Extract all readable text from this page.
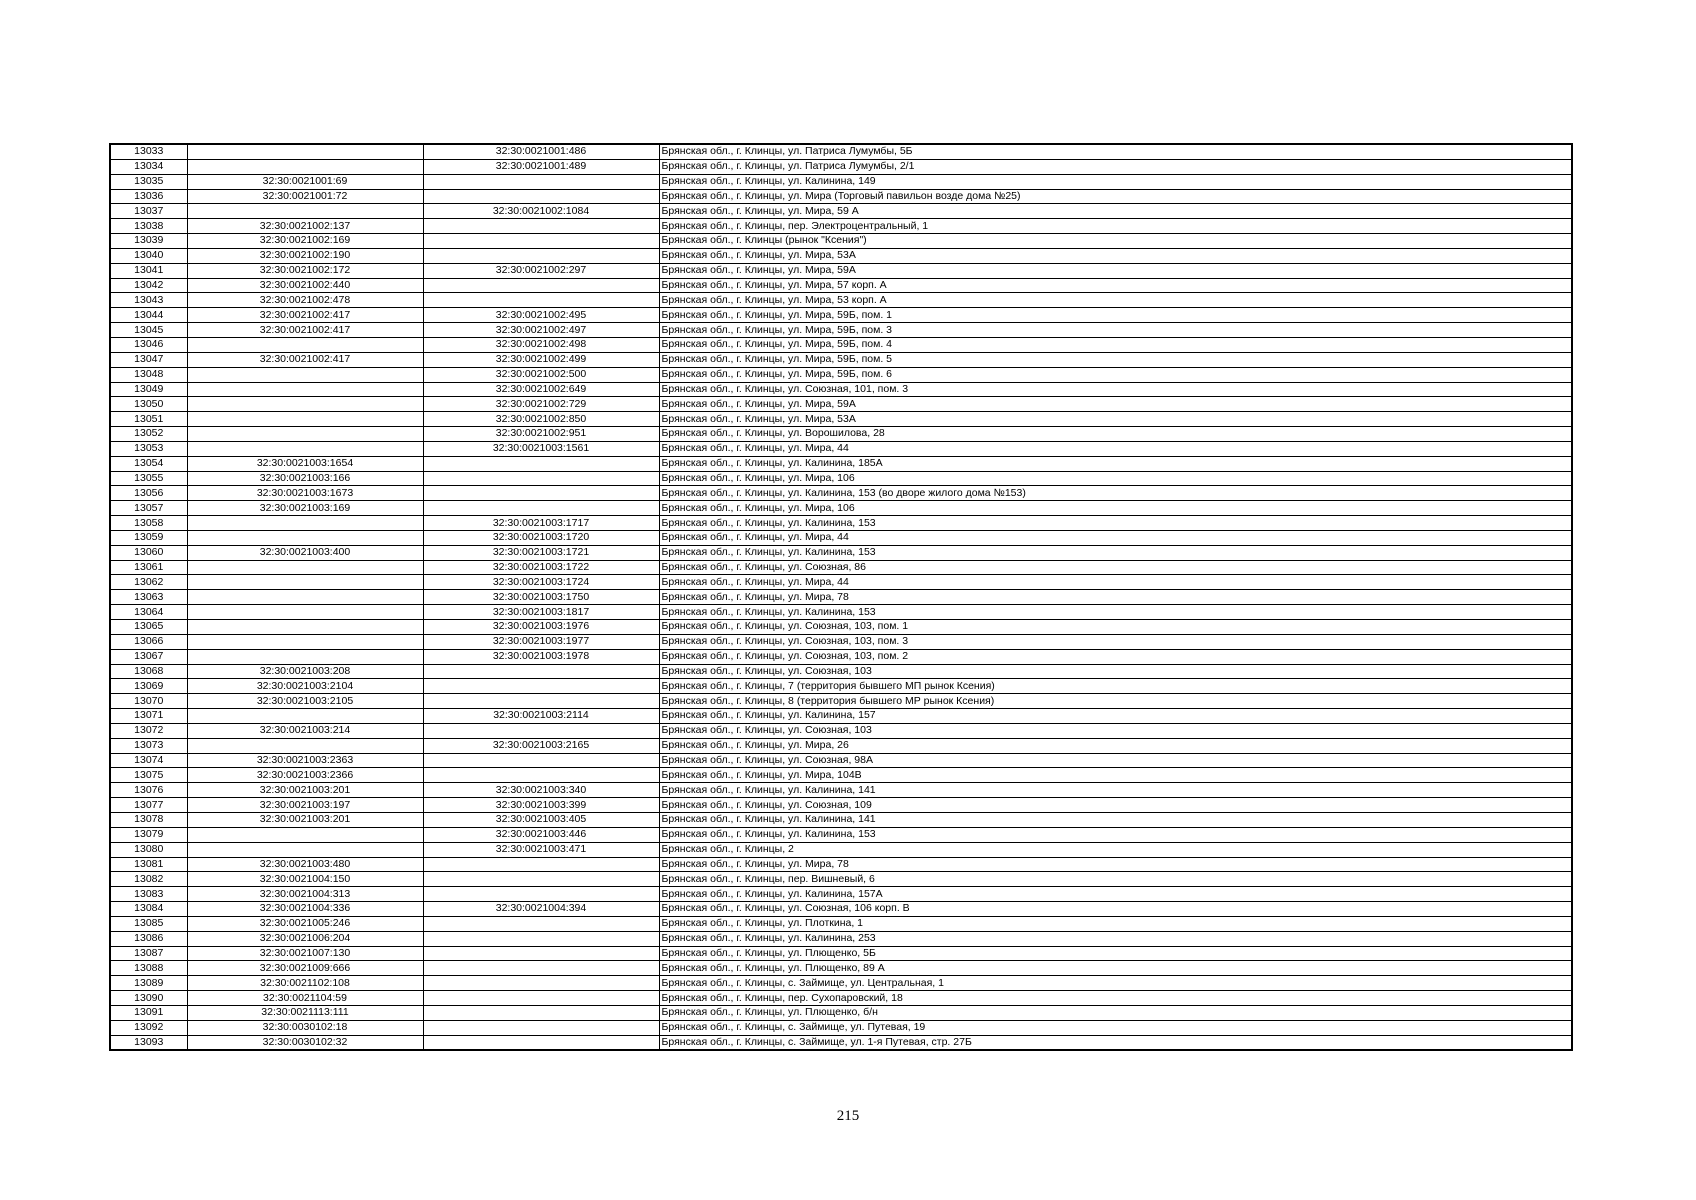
13033		32:30:0021001:486	Брянская обл., г. Клинцы, ул. Патриса Лумумбы, 5Б
13034		32:30:0021001:489	Брянская обл., г. Клинцы, ул. Патриса Лумумбы, 2/1
13035	32:30:0021001:69		Брянская обл., г. Клинцы, ул. Калинина, 149
13036	32:30:0021001:72		Брянская обл., г. Клинцы, ул. Мира (Торговый павильон возде дома №25)
13037		32:30:0021002:1084	Брянская обл., г. Клинцы, ул. Мира, 59 А
13038	32:30:0021002:137		Брянская обл., г. Клинцы, пер. Электроцентральный, 1
13039	32:30:0021002:169		Брянская обл., г. Клинцы (рынок "Ксения")
13040	32:30:0021002:190		Брянская обл., г. Клинцы, ул. Мира, 53А
13041	32:30:0021002:172	32:30:0021002:297	Брянская обл., г. Клинцы, ул. Мира, 59А
13042	32:30:0021002:440		Брянская обл., г. Клинцы, ул. Мира, 57 корп. А
13043	32:30:0021002:478		Брянская обл., г. Клинцы, ул. Мира, 53 корп. А
13044	32:30:0021002:417	32:30:0021002:495	Брянская обл., г. Клинцы, ул. Мира, 59Б, пом. 1
13045	32:30:0021002:417	32:30:0021002:497	Брянская обл., г. Клинцы, ул. Мира, 59Б, пом. 3
13046		32:30:0021002:498	Брянская обл., г. Клинцы, ул. Мира, 59Б, пом. 4
13047	32:30:0021002:417	32:30:0021002:499	Брянская обл., г. Клинцы, ул. Мира, 59Б, пом. 5
13048		32:30:0021002:500	Брянская обл., г. Клинцы, ул. Мира, 59Б, пом. 6
13049		32:30:0021002:649	Брянская обл., г. Клинцы, ул. Союзная, 101, пом. 3
13050		32:30:0021002:729	Брянская обл., г. Клинцы, ул. Мира, 59А
13051		32:30:0021002:850	Брянская обл., г. Клинцы, ул. Мира, 53А
13052		32:30:0021002:951	Брянская обл., г. Клинцы, ул. Ворошилова, 28
13053		32:30:0021003:1561	Брянская обл., г. Клинцы, ул. Мира, 44
13054	32:30:0021003:1654		Брянская обл., г. Клинцы, ул. Калинина, 185А
13055	32:30:0021003:166		Брянская обл., г. Клинцы, ул. Мира, 106
13056	32:30:0021003:1673		Брянская обл., г. Клинцы, ул. Калинина, 153 (во дворе жилого дома №153)
13057	32:30:0021003:169		Брянская обл., г. Клинцы, ул. Мира, 106
13058		32:30:0021003:1717	Брянская обл., г. Клинцы, ул. Калинина, 153
13059		32:30:0021003:1720	Брянская обл., г. Клинцы, ул. Мира, 44
13060	32:30:0021003:400	32:30:0021003:1721	Брянская обл., г. Клинцы, ул. Калинина, 153
13061		32:30:0021003:1722	Брянская обл., г. Клинцы, ул. Союзная, 86
13062		32:30:0021003:1724	Брянская обл., г. Клинцы, ул. Мира, 44
13063		32:30:0021003:1750	Брянская обл., г. Клинцы, ул. Мира, 78
13064		32:30:0021003:1817	Брянская обл., г. Клинцы, ул. Калинина, 153
13065		32:30:0021003:1976	Брянская обл., г. Клинцы, ул. Союзная, 103, пом. 1
13066		32:30:0021003:1977	Брянская обл., г. Клинцы, ул. Союзная, 103, пом. 3
13067		32:30:0021003:1978	Брянская обл., г. Клинцы, ул. Союзная, 103, пом. 2
13068	32:30:0021003:208		Брянская обл., г. Клинцы, ул. Союзная, 103
13069	32:30:0021003:2104		Брянская обл., г. Клинцы, 7 (территория бывшего МП рынок Ксения)
13070	32:30:0021003:2105		Брянская обл., г. Клинцы, 8 (территория бывшего МР рынок Ксения)
13071		32:30:0021003:2114	Брянская обл., г. Клинцы, ул. Калинина, 157
13072	32:30:0021003:214		Брянская обл., г. Клинцы, ул. Союзная, 103
13073		32:30:0021003:2165	Брянская обл., г. Клинцы, ул. Мира, 26
13074	32:30:0021003:2363		Брянская обл., г. Клинцы, ул. Союзная, 98А
13075	32:30:0021003:2366		Брянская обл., г. Клинцы, ул. Мира, 104В
13076	32:30:0021003:201	32:30:0021003:340	Брянская обл., г. Клинцы, ул. Калинина, 141
13077	32:30:0021003:197	32:30:0021003:399	Брянская обл., г. Клинцы, ул. Союзная, 109
13078	32:30:0021003:201	32:30:0021003:405	Брянская обл., г. Клинцы, ул. Калинина, 141
13079		32:30:0021003:446	Брянская обл., г. Клинцы, ул. Калинина, 153
13080		32:30:0021003:471	Брянская обл., г. Клинцы, 2
13081	32:30:0021003:480		Брянская обл., г. Клинцы, ул. Мира, 78
13082	32:30:0021004:150		Брянская обл., г. Клинцы, пер. Вишневый, 6
13083	32:30:0021004:313		Брянская обл., г. Клинцы, ул. Калинина, 157А
13084	32:30:0021004:336	32:30:0021004:394	Брянская обл., г. Клинцы, ул. Союзная, 106 корп. В
13085	32:30:0021005:246		Брянская обл., г. Клинцы, ул. Плоткина, 1
13086	32:30:0021006:204		Брянская обл., г. Клинцы, ул. Калинина, 253
13087	32:30:0021007:130		Брянская обл., г. Клинцы, ул. Плющенко, 5Б
13088	32:30:0021009:666		Брянская обл., г. Клинцы, ул. Плющенко, 89 А
13089	32:30:0021102:108		Брянская обл., г. Клинцы, с. Займище, ул. Центральная, 1
13090	32:30:0021104:59		Брянская обл., г. Клинцы, пер. Сухопаровский, 18
13091	32:30:0021113:111		Брянская обл., г. Клинцы, ул. Плющенко, б/н
13092	32:30:0030102:18		Брянская обл., г. Клинцы, с. Займище, ул. Путевая, 19
13093	32:30:0030102:32		Брянская обл., г. Клинцы, с. Займище, ул. 1-я Путевая, стр. 27Б
215
